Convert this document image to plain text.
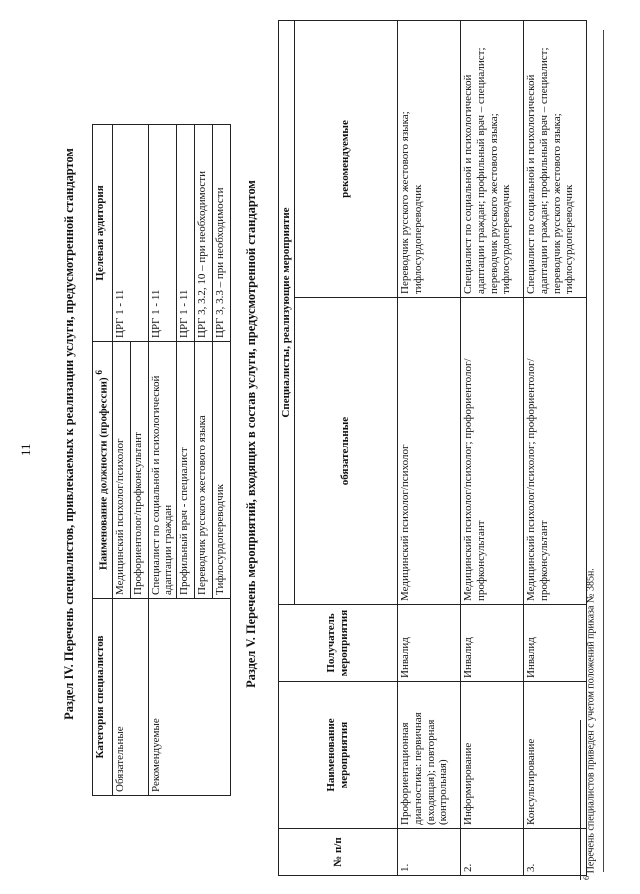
11 Раздел IV. Перечень специалистов, привлекаемых к реализации услуги, предусмотренной стандартом Категория специалистов	Наименование должности (профессии) $^6$	Целевая аудитория
Обязательные	Медицинский психолог/психолог	ЦРГ 1 - 11
	Профориентолог/профконсультант	
Рекомендуемые	Специалист по социальной и психологической адаптации граждан	ЦРГ 1 - 11
	Профильный врач - специалист	ЦРГ 1 - 11
	Переводчик русского жестового языка	ЦРГ 3, 3.2, 10 – при необходимости
	Тифлосурдопереводчик	ЦРГ 3, 3.3 – при необходимости Раздел V. Перечень мероприятий, входящих в состав услуги, предусмотренной стандартом
№ п/п	Наименование мероприятия	Получатель мероприятия	Специалисты, реализующие мероприятие	
			обязательные	рекомендуемые
1.	Профориентационная диагностика: первичная (входящая); повторная (контрольная)	Инвалид	Медицинский психолог/психолог	Переводчик русского жестового языка; тифлосурдопереводчик
2.	Информирование	Инвалид	Медицинский психолог/психолог; профориентолог/профконсультант	Специалист по социальной и психологической адаптации граждан; профильный врач – специалист; переводчик русского жестового языка; тифлосурдопереводчик
3.	Консультирование	Инвалид	Медицинский психолог/психолог; профориентолог/профконсультант	Специалист по социальной и психологической адаптации граждан; профильный врач – специалист; переводчик русского жестового языка; тифлосурдопереводчик
$^6$ Перечень специалистов приведен с учетом положений приказа № 385н.
